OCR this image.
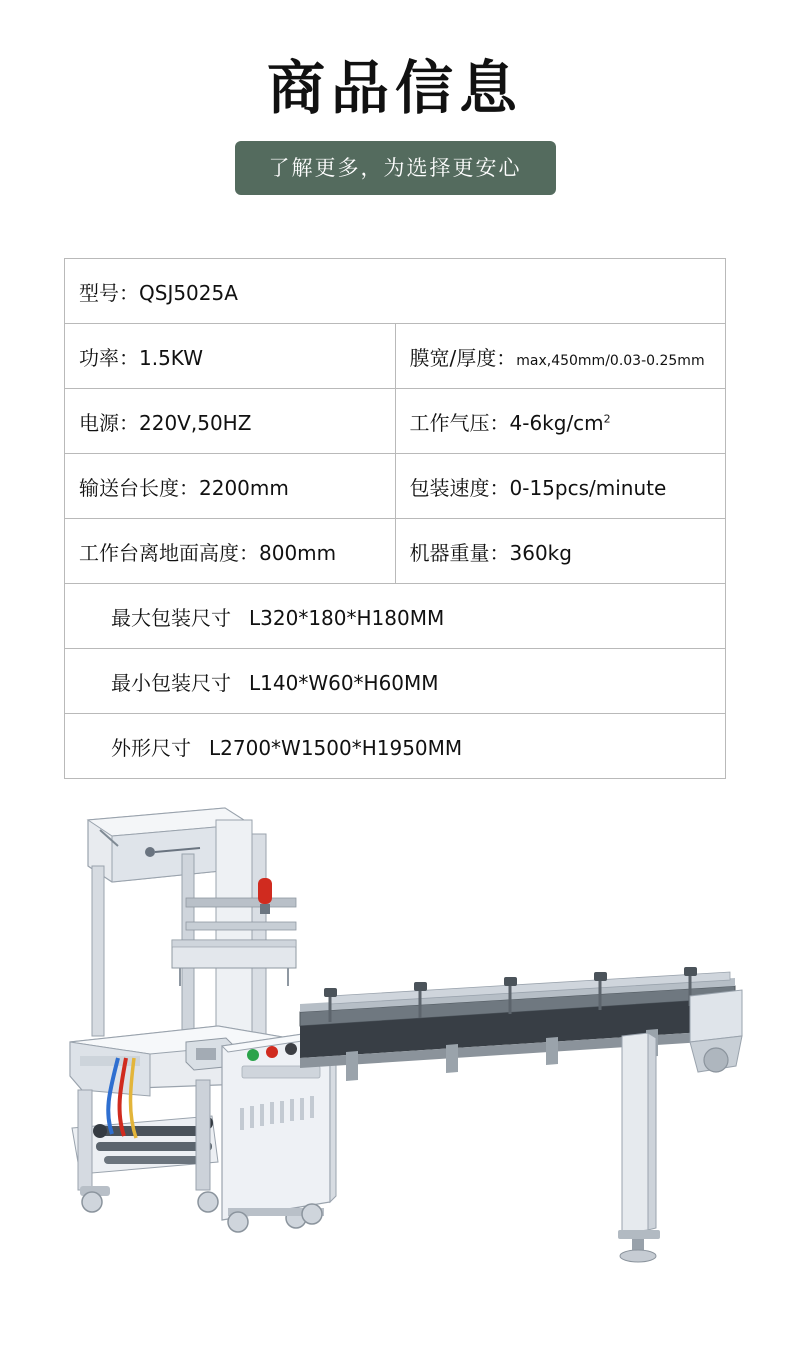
商品信息
了解更多，为选择更安心
型号：QSJ5025A	
功率：1.5KW	膜宽/厚度：max,450mm/0.03-0.25mm
电源：220V,50HZ	工作气压：$4-6kg/cm^2$
输送台长度：2200mm	包装速度：0-15pcs/minute
工作台离地面高度：800mm	机器重量：360kg
最大包装尺寸 L320*180*H180MM	
最小包装尺寸 L140*W60*H60MM	
外形尺寸 L2700*W1500*H1950MM	
